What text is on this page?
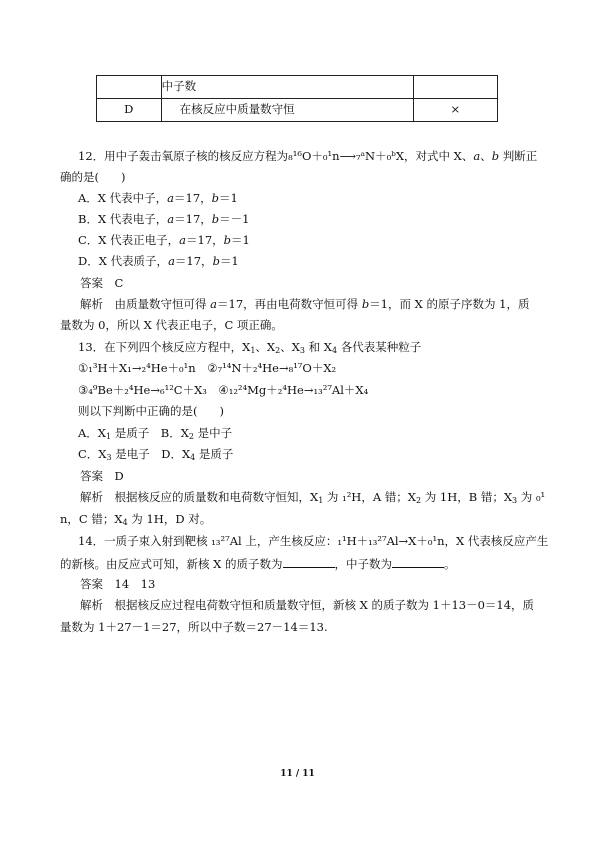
	中子数	
D	在核反应中质量数守恒	×
12．用中子轰击氧原子核的核反应方程为₈¹⁶O＋₀¹n⟶₇ᵃN＋₀ᵇX，对式中 X、a、b 判断正
确的是( )
A．X 代表中子，a＝17，b＝1
B．X 代表电子，a＝17，b＝－1
C．X 代表正电子，a＝17，b＝1
D．X 代表质子，a＝17，b＝1
答案　 C
解析　 由质量数守恒可得 a＝17，再由电荷数守恒可得 b＝1，而 X 的原子序数为 1，质
量数为 0，所以 X 代表正电子，C 项正确。
13．在下列四个核反应方程中，$X_1$、$X_2$、$X_3$ 和 $X_4$ 各代表某种粒子
①₁³H＋X₁→₂⁴He＋₀¹n　 ②₇¹⁴N＋₂⁴He→₈¹⁷O＋X₂
③₄⁹Be＋₂⁴He→₆¹²C＋X₃　 ④₁₂²⁴Mg＋₂⁴He→₁₃²⁷Al＋X₄
则以下判断中正确的是( )
A．$X_1$ 是质子　 B．$X_2$ 是中子
C．$X_3$ 是电子　 D．$X_4$ 是质子
答案　 D
解析　 根据核反应的质量数和电荷数守恒知，$X_1$ 为 ₁²H，A 错；$X_2$ 为 1H，B 错；$X_3$ 为 ₀¹
n，C 错；$X_4$ 为 1H，D 对。
14．一质子束入射到靶核 ₁₃²⁷Al 上，产生核反应：₁¹H＋₁₃²⁷Al→X＋₀¹n，X 代表核反应产生
的新核。由反应式可知，新核 X 的质子数为	，中子数为	。
答案　 14　13
解析　 根据核反应过程电荷数守恒和质量数守恒，新核 X 的质子数为 1＋13－0＝14，质
量数为 1＋27－1＝27，所以中子数＝27－14＝13.
11 / 11
